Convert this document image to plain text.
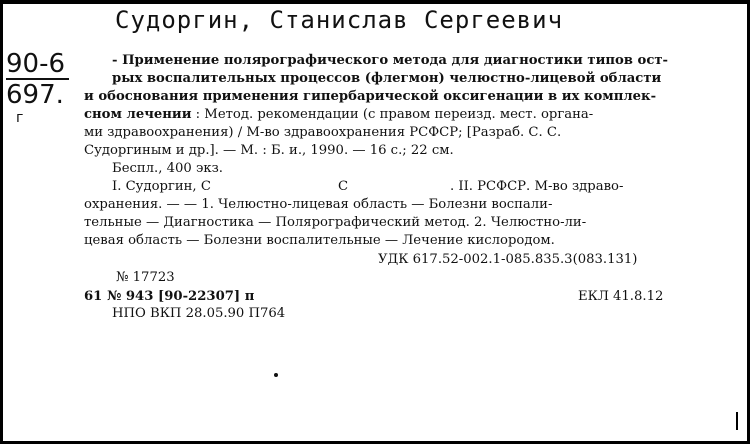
Судоргин, Станислав Сергеевич
90-6
697.
г
- Применение полярографического метода для диагностики типов ост-
рых воспалительных процессов (флегмон) челюстно-лицевой области
и обоснования применения гипербарической оксигенации в их комплек-
сном лечении : Метод. рекомендации (с правом переизд. мест. органа-
ми здравоохранения) / М-во здравоохранения РСФСР; [Разраб. С. С.
Судоргиным и др.]. — М. : Б. и., 1990. — 16 с.; 22 см.
Беспл., 400 экз.
I. Судоргин, С	С	. II. РСФСР. М-во здраво-
охранения. — — 1. Челюстно-лицевая область — Болезни воспали-
тельные — Диагностика — Полярографический метод. 2. Челюстно-ли-
цевая область — Болезни воспалительные — Лечение кислородом.
УДК 617.52-002.1-085.835.3(083.131)
№ 17723
61 № 943 [90-22307] п	ЕКЛ 41.8.12
НПО ВКП 28.05.90 П764
